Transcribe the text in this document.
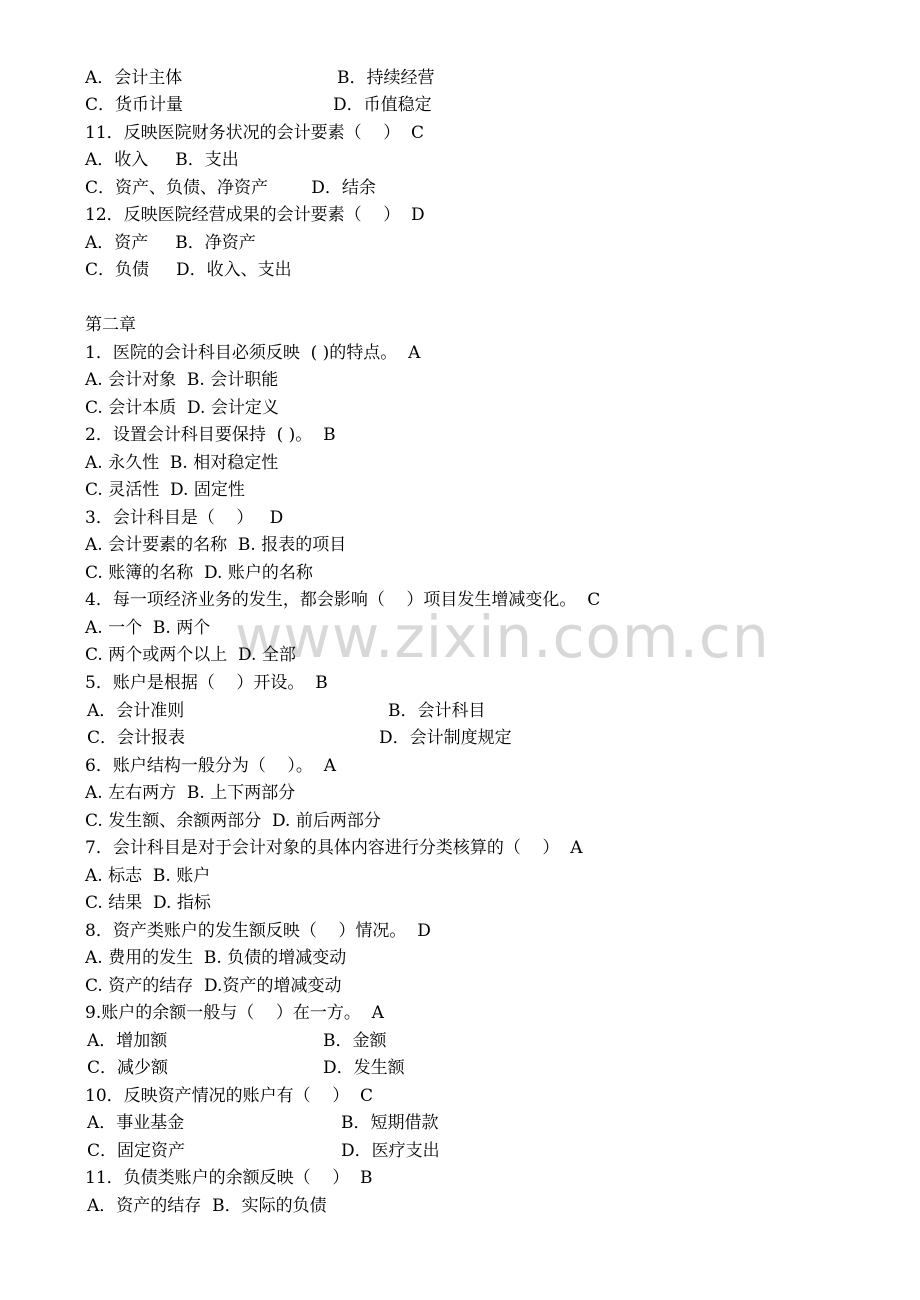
www.zixin.com.cn
A．会计主体	B．持续经营
C．货币计量	D．币值稳定
11．反映医院财务状况的会计要素（    ）  C
A．收入     B．支出
C．资产、负债、净资产        D．结余
12．反映医院经营成果的会计要素（    ）  D
A．资产     B．净资产
C．负债     D．收入、支出
第二章
1．医院的会计科目必须反映  ( )的特点。  A
A. 会计对象  B. 会计职能
C. 会计本质  D. 会计定义
2．设置会计科目要保持  ( )。  B
A. 永久性  B. 相对稳定性
C. 灵活性  D. 固定性
3．会计科目是（    ）   D
A. 会计要素的名称  B. 报表的项目
C. 账簿的名称  D. 账户的名称
4．每一项经济业务的发生，都会影响（    ）项目发生增减变化。  C
A. 一个  B. 两个
C. 两个或两个以上  D. 全部
5．账户是根据（    ）开设。  B
A．会计准则	B．会计科目
C．会计报表	D．会计制度规定
6．账户结构一般分为（    ）。  A
A. 左右两方  B. 上下两部分
C. 发生额、余额两部分  D. 前后两部分
7．会计科目是对于会计对象的具体内容进行分类核算的（    ）  A
A. 标志  B. 账户
C. 结果  D. 指标
8．资产类账户的发生额反映（    ）情况。  D
A. 费用的发生  B. 负债的增减变动
C. 资产的结存  D.资产的增减变动
9.账户的余额一般与（    ）在一方。  A
A．增加额	B．金额
C．减少额	D．发生额
10．反映资产情况的账户有（    ）  C
A．事业基金	B．短期借款
C．固定资产	D．医疗支出
11．负债类账户的余额反映（    ）  B
A．资产的结存  B．实际的负债
